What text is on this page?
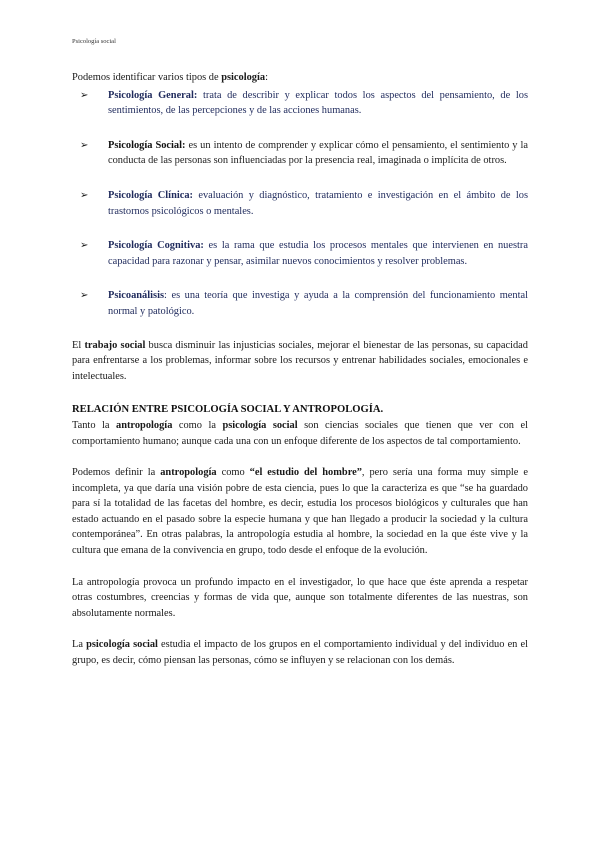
Psicología social

Podemos identificar varios tipos de psicología:

➢ Psicología General: trata de describir y explicar todos los aspectos del pensamiento, de los sentimientos, de las percepciones y de las acciones humanas.
➢ Psicología Social: es un intento de comprender y explicar cómo el pensamiento, el sentimiento y la conducta de las personas son influenciadas por la presencia real, imaginada o implícita de otros.
➢ Psicología Clínica: evaluación y diagnóstico, tratamiento e investigación en el ámbito de los trastornos psicológicos o mentales.
➢ Psicología Cognitiva: es la rama que estudia los procesos mentales que intervienen en nuestra capacidad para razonar y pensar, asimilar nuevos conocimientos y resolver problemas.
➢ Psicoanálisis: es una teoría que investiga y ayuda a la comprensión del funcionamiento mental normal y patológico.

El trabajo social busca disminuir las injusticias sociales, mejorar el bienestar de las personas, su capacidad para enfrentarse a los problemas, informar sobre los recursos y entrenar habilidades sociales, emocionales e intelectuales.

RELACIÓN ENTRE PSICOLOGÍA SOCIAL Y ANTROPOLOGÍA.

Tanto la antropología como la psicología social son ciencias sociales que tienen que ver con el comportamiento humano; aunque cada una con un enfoque diferente de los aspectos de tal comportamiento.

Podemos definir la antropología como “el estudio del hombre”, pero sería una forma muy simple e incompleta, ya que daría una visión pobre de esta ciencia, pues lo que la caracteriza es que “se ha guardado para sí la totalidad de las facetas del hombre, es decir, estudia los procesos biológicos y culturales que han estado actuando en el pasado sobre la especie humana y que han llegado a producir la sociedad y la cultura contemporánea”. En otras palabras, la antropología estudia al hombre, la sociedad en la que éste vive y la cultura que emana de la convivencia en grupo, todo desde el enfoque de la evolución.

La antropología provoca un profundo impacto en el investigador, lo que hace que éste aprenda a respetar otras costumbres, creencias y formas de vida que, aunque son totalmente diferentes de las nuestras, son absolutamente normales.

La psicología social estudia el impacto de los grupos en el comportamiento individual y del individuo en el grupo, es decir, cómo piensan las personas, cómo se influyen y se relacionan con los demás.
